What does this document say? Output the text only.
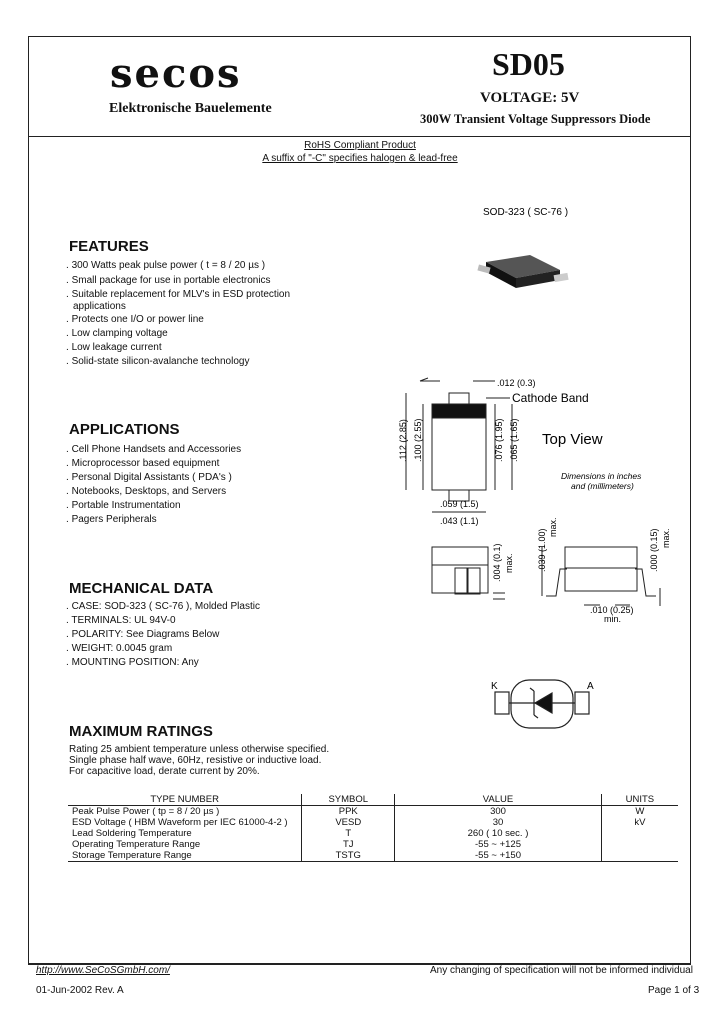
secos
Elektronische Bauelemente
SD05
VOLTAGE: 5V
300W Transient Voltage Suppressors Diode
RoHS Compliant Product
A suffix of "-C" specifies halogen & lead-free
FEATURES
. 300 Watts peak pulse power ( t = 8 / 20 µs )
. Small package for use in portable electronics
. Suitable replacement for MLV's in ESD protection
applications
. Protects one I/O or power line
. Low clamping voltage
. Low leakage current
. Solid-state silicon-avalanche technology
APPLICATIONS
. Cell Phone Handsets and Accessories
. Microprocessor based equipment
. Personal Digital Assistants ( PDA's )
. Notebooks, Desktops, and Servers
. Portable Instrumentation
. Pagers Peripherals
MECHANICAL DATA
. CASE: SOD-323 ( SC-76 ), Molded Plastic
. TERMINALS: UL 94V-0
. POLARITY: See Diagrams Below
. WEIGHT: 0.0045 gram
. MOUNTING POSITION: Any
MAXIMUM RATINGS
Rating 25 ambient temperature unless otherwise specified.
Single phase half wave, 60Hz, resistive or inductive load.
For capacitive load, derate current by 20%.
TYPE NUMBER	SYMBOL	VALUE	UNITS
Peak Pulse Power ( tp = 8 / 20 µs )	PPK	300	W
ESD Voltage ( HBM Waveform per IEC 61000-4-2 )	VESD	30	kV
Lead Soldering Temperature	T	260 ( 10 sec. )	
Operating Temperature Range	TJ	-55 ~ +125	
Storage Temperature Range	TSTG	-55 ~ +150	
SOD-323 ( SC-76 )
.012 (0.3)
Cathode Band
Top View
Dimensions in inches
and (millimeters)
.112 (2.85) .100 (2.55)	.076 (1.95) .065 (1.65)
.059 (1.5)
.043 (1.1)
.004 (0.1) max.	.039 (1.00)
max.
.000 (0.15) max.
.010 (0.25)
min.
K	A
http://www.SeCoSGmbH.com/	Any changing of specification will not be informed individual
01-Jun-2002 Rev. A	Page 1 of 3
